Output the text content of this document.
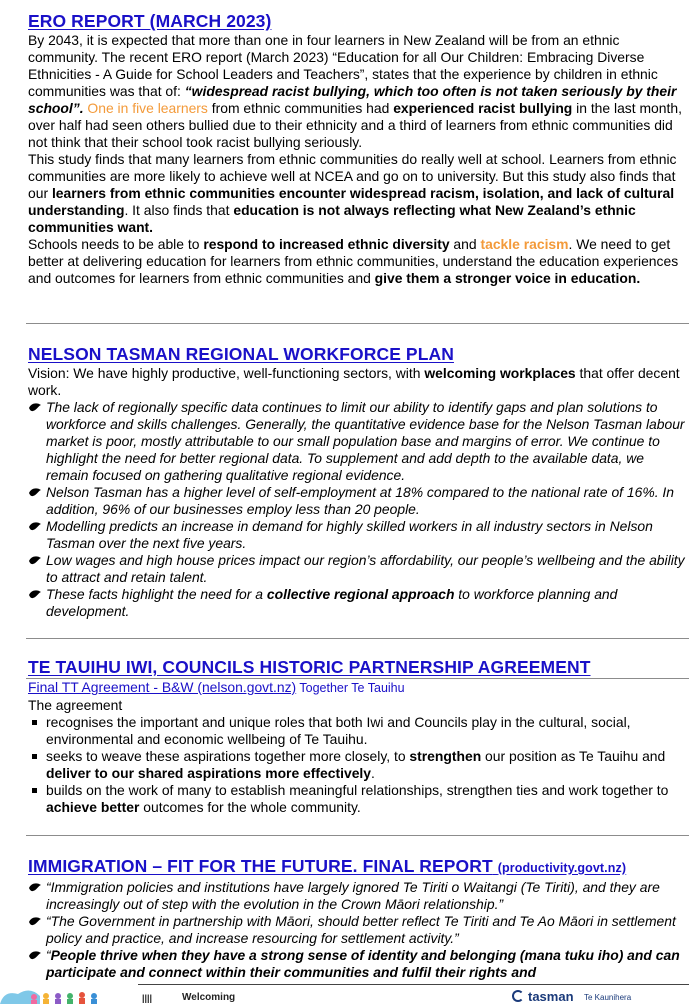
ERO REPORT (MARCH 2023)

By 2043, it is expected that more than one in four learners in New Zealand will be from an ethnic community. The recent ERO report (March 2023) “Education for all Our Children: Embracing Diverse Ethnicities - A Guide for School Leaders and Teachers”, states that the experience by children in ethnic communities was that of: “widespread racist bullying, which too often is not taken seriously by their school”. One in five learners from ethnic communities had experienced racist bullying in the last month, over half had seen others bullied due to their ethnicity and a third of learners from ethnic communities did not think that their school took racist bullying seriously.

This study finds that many learners from ethnic communities do really well at school. Learners from ethnic communities are more likely to achieve well at NCEA and go on to university. But this study also finds that our learners from ethnic communities encounter widespread racism, isolation, and lack of cultural understanding. It also finds that education is not always reflecting what New Zealand’s ethnic communities want.

Schools needs to be able to respond to increased ethnic diversity and tackle racism. We need to get better at delivering education for learners from ethnic communities, understand the education experiences and outcomes for learners from ethnic communities and give them a stronger voice in education.

NELSON TASMAN REGIONAL WORKFORCE PLAN

Vision: We have highly productive, well-functioning sectors, with welcoming workplaces that offer decent work.

The lack of regionally specific data continues to limit our ability to identify gaps and plan solutions to workforce and skills challenges. Generally, the quantitative evidence base for the Nelson Tasman labour market is poor, mostly attributable to our small population base and margins of error. We continue to highlight the need for better regional data. To supplement and add depth to the available data, we remain focused on gathering qualitative regional evidence.
Nelson Tasman has a higher level of self-employment at 18% compared to the national rate of 16%. In addition, 96% of our businesses employ less than 20 people.
Modelling predicts an increase in demand for highly skilled workers in all industry sectors in Nelson Tasman over the next five years.
Low wages and high house prices impact our region’s affordability, our people’s wellbeing and the ability to attract and retain talent.
These facts highlight the need for a collective regional approach to workforce planning and development.
TE TAUIHU IWI, COUNCILS HISTORIC PARTNERSHIP AGREEMENT

Final TT Agreement - B&W (nelson.govt.nz) Together Te Tauihu

The agreement

recognises the important and unique roles that both Iwi and Councils play in the cultural, social, environmental and economic wellbeing of Te Tauihu.
seeks to weave these aspirations together more closely, to strengthen our position as Te Tauihu and deliver to our shared aspirations more effectively.
builds on the work of many to establish meaningful relationships, strengthen ties and work together to achieve better outcomes for the whole community.
IMMIGRATION – FIT FOR THE FUTURE. FINAL REPORT (productivity.govt.nz)
“Immigration policies and institutions have largely ignored Te Tiriti o Waitangi (Te Tiriti), and they are increasingly out of step with the evolution in the Crown Māori relationship.”
“The Government in partnership with Māori, should better reflect Te Tiriti and Te Ao Māori in settlement policy and practice, and increase resourcing for settlement activity.”
“People thrive when they have a strong sense of identity and belonging (mana tuku iho) and can participate and connect within their communities and fulfil their rights and
||||	Welcoming	tasman Te Kaunihera
